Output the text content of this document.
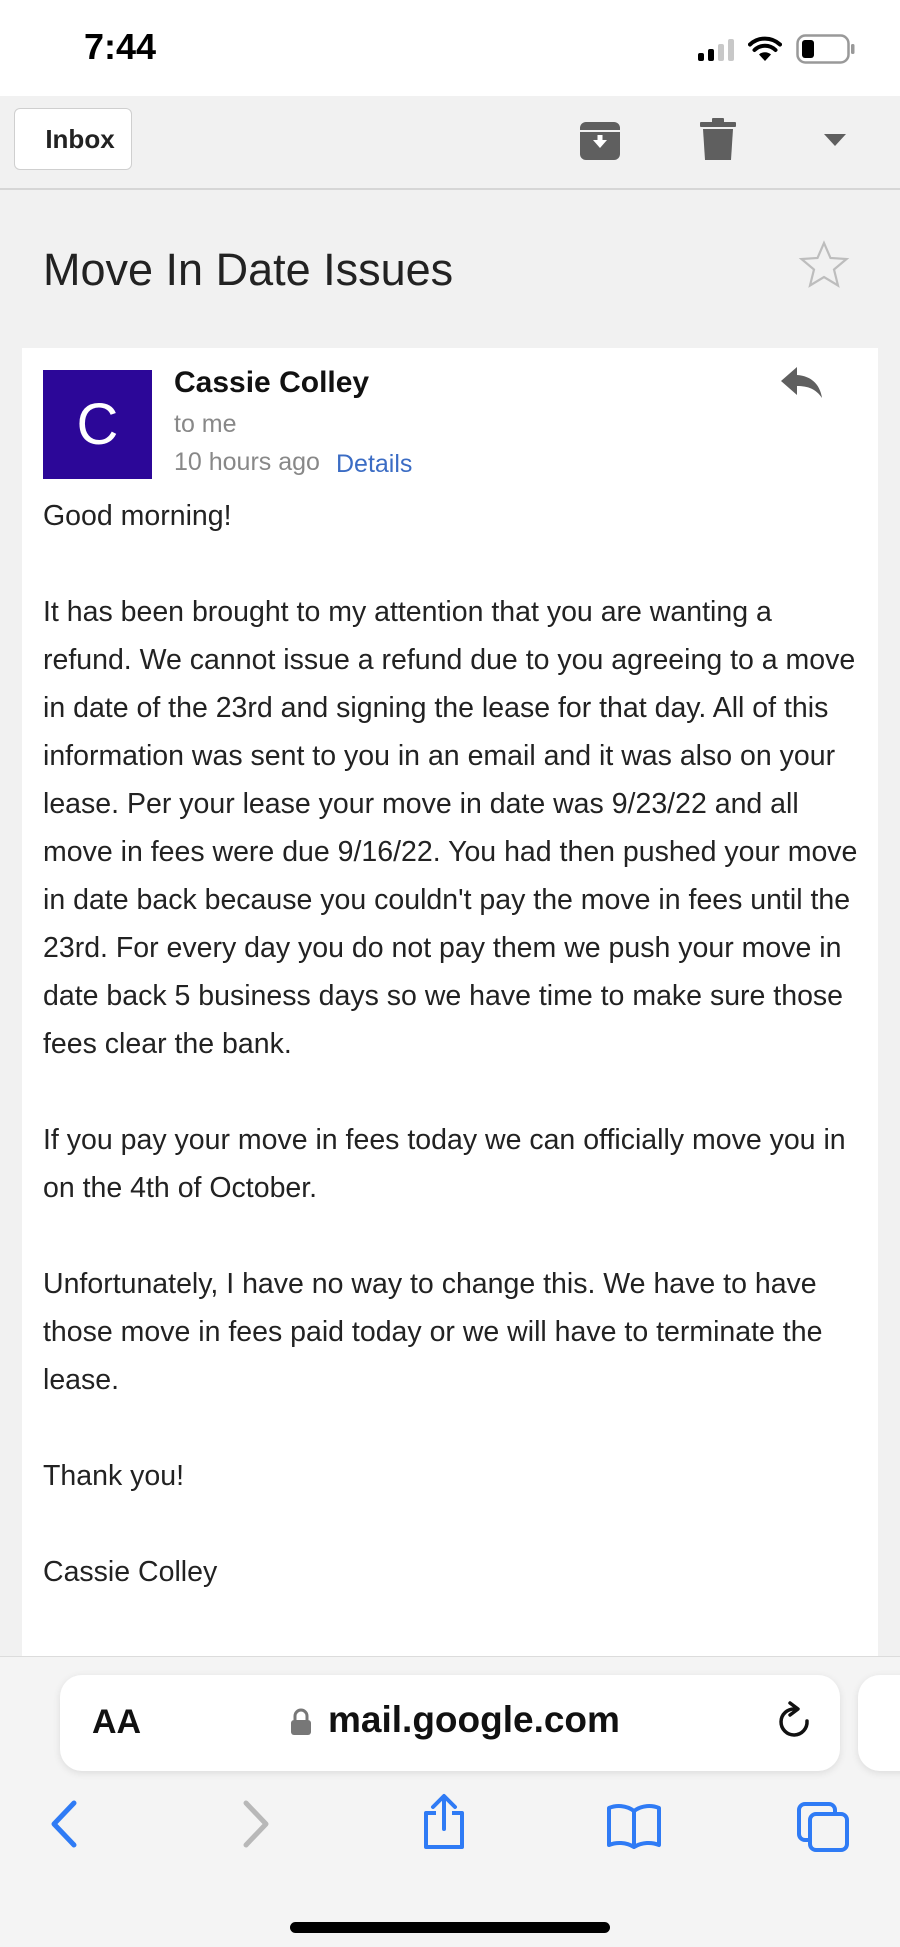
7:44
Inbox
Move In Date Issues
C
Cassie Colley
to me
10 hours ago Details

Good morning!

It has been brought to my attention that you are wanting a refund. We cannot issue a refund due to you agreeing to a move in date of the 23rd and signing the lease for that day. All of this information was sent to you in an email and it was also on your lease. Per your lease your move in date was 9/23/22 and all move in fees were due 9/16/22. You had then pushed your move in date back because you couldn't pay the move in fees until the 23rd. For every day you do not pay them we push your move in date back 5 business days so we have time to make sure those fees clear the bank.

If you pay your move in fees today we can officially move you in on the 4th of October.

Unfortunately, I have no way to change this. We have to have those move in fees paid today or we will have to terminate the lease.

Thank you!

Cassie Colley

AA	mail.google.com
